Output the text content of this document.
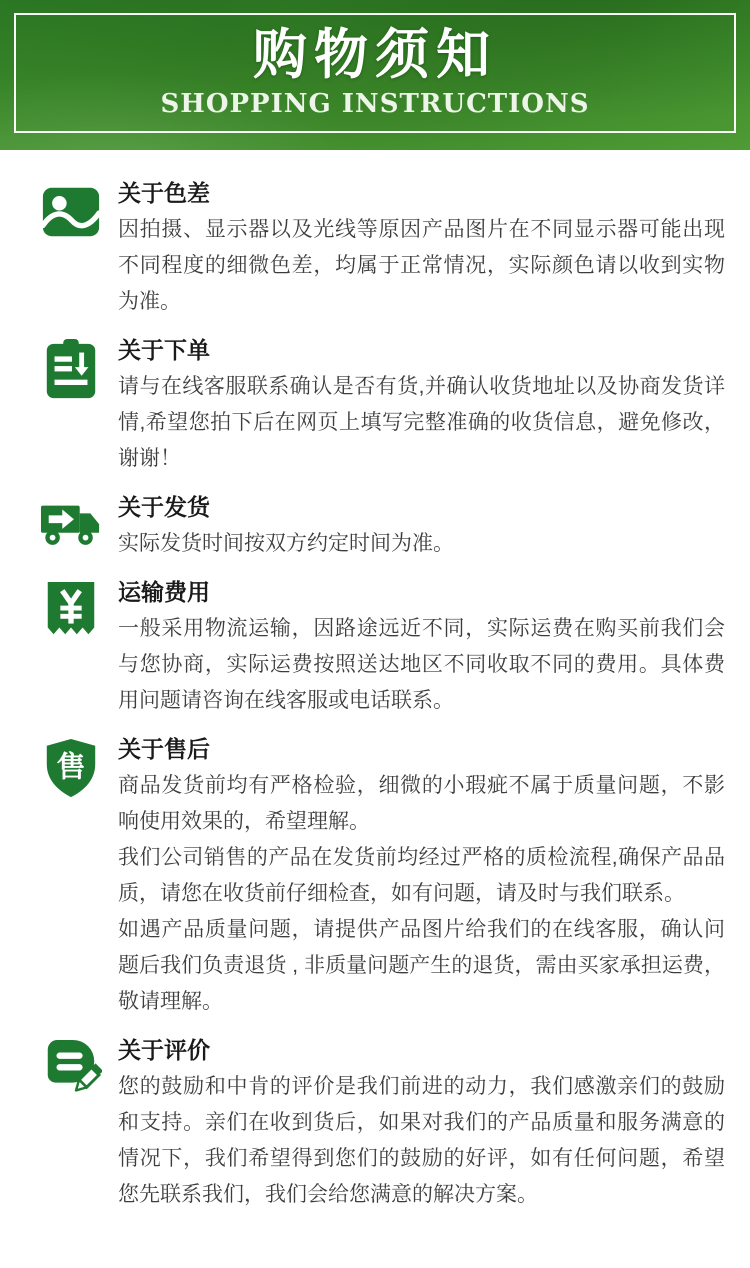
购物须知
SHOPPING INSTRUCTIONS
关于色差

因拍摄、显示器以及光线等原因产品图片在不同显示器可能出现不同程度的细微色差，均属于正常情况，实际颜色请以收到实物为准。

关于下单

请与在线客服联系确认是否有货,并确认收货地址以及协商发货详情,希望您拍下后在网页上填写完整准确的收货信息，避免修改，谢谢！

关于发货

实际发货时间按双方约定时间为准。

运输费用

一般采用物流运输，因路途远近不同，实际运费在购买前我们会与您协商，实际运费按照送达地区不同收取不同的费用。具体费用问题请咨询在线客服或电话联系。

售
关于售后

商品发货前均有严格检验，细微的小瑕疵不属于质量问题，不影响使用效果的，希望理解。

我们公司销售的产品在发货前均经过严格的质检流程,确保产品品质，请您在收货前仔细检查，如有问题，请及时与我们联系。

如遇产品质量问题，请提供产品图片给我们的在线客服，确认问题后我们负责退货 , 非质量问题产生的退货，需由买家承担运费，敬请理解。

关于评价

您的鼓励和中肯的评价是我们前进的动力，我们感激亲们的鼓励和支持。亲们在收到货后，如果对我们的产品质量和服务满意的情况下，我们希望得到您们的鼓励的好评，如有任何问题，希望您先联系我们，我们会给您满意的解决方案。
